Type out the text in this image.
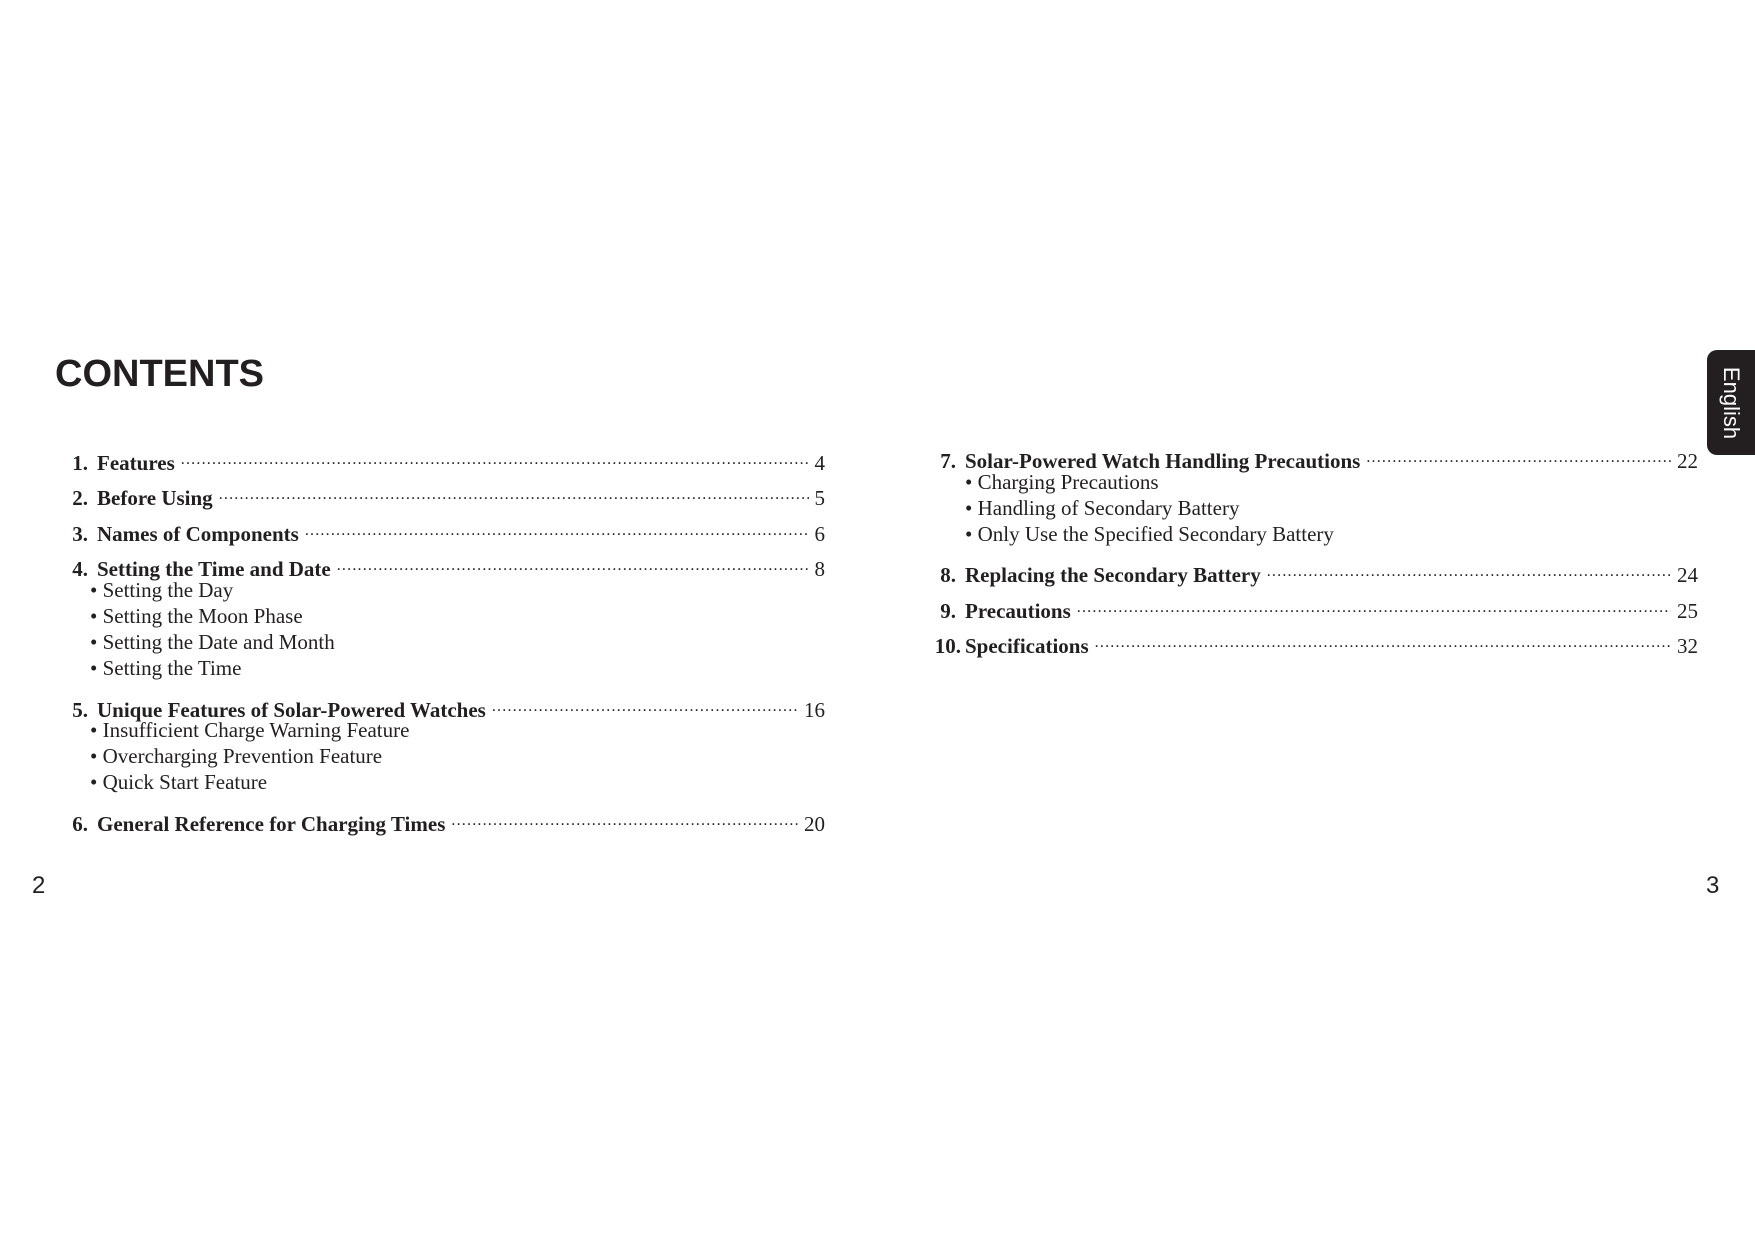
CONTENTS
1. Features .....	4
2. Before Using .....	5
3. Names of Components .....	6
4. Setting the Time and Date .....	8
• Setting the Day
• Setting the Moon Phase
• Setting the Date and Month
• Setting the Time
5. Unique Features of Solar-Powered Watches .....	16
• Insufficient Charge Warning Feature
• Overcharging Prevention Feature
• Quick Start Feature
6. General Reference for Charging Times .....	20
7. Solar-Powered Watch Handling Precautions .....	22
• Charging Precautions
• Handling of Secondary Battery
• Only Use the Specified Secondary Battery
8. Replacing the Secondary Battery .....	24
9. Precautions .....	25
10. Specifications .....	32
2	3
English
